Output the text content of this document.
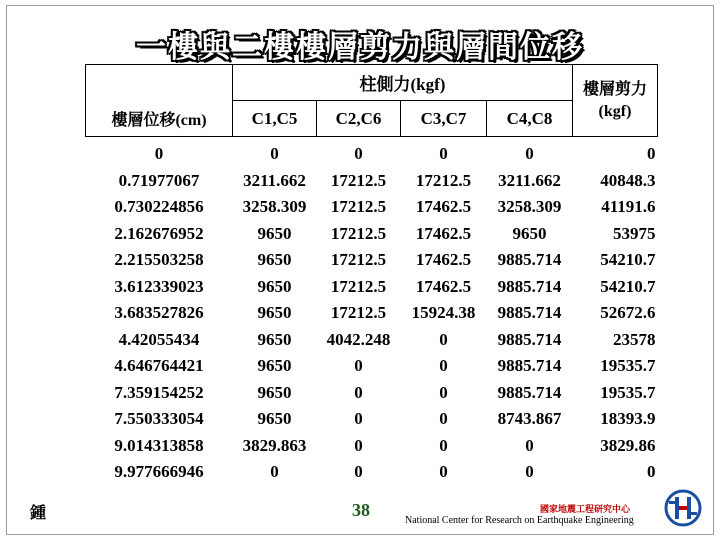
一樓與二樓樓層剪力與層間位移
	柱側力(kgf)				樓層剪力(kgf)
樓層位移(cm)	C1,C5	C2,C6	C3,C7	C4,C8	
0	0	0	0	0	0
0.71977067	3211.662	17212.5	17212.5	3211.662	40848.3
0.730224856	3258.309	17212.5	17462.5	3258.309	41191.6
2.162676952	9650	17212.5	17462.5	9650	53975
2.215503258	9650	17212.5	17462.5	9885.714	54210.7
3.612339023	9650	17212.5	17462.5	9885.714	54210.7
3.683527826	9650	17212.5	15924.38	9885.714	52672.6
4.42055434	9650	4042.248	0	9885.714	23578
4.646764421	9650	0	0	9885.714	19535.7
7.359154252	9650	0	0	9885.714	19535.7
7.550333054	9650	0	0	8743.867	18393.9
9.014313858	3829.863	0	0	0	3829.86
9.977666946	0	0	0	0	0
鍾	38	國家地震工程研究中心
National Center for Research on Earthquake Engineering
